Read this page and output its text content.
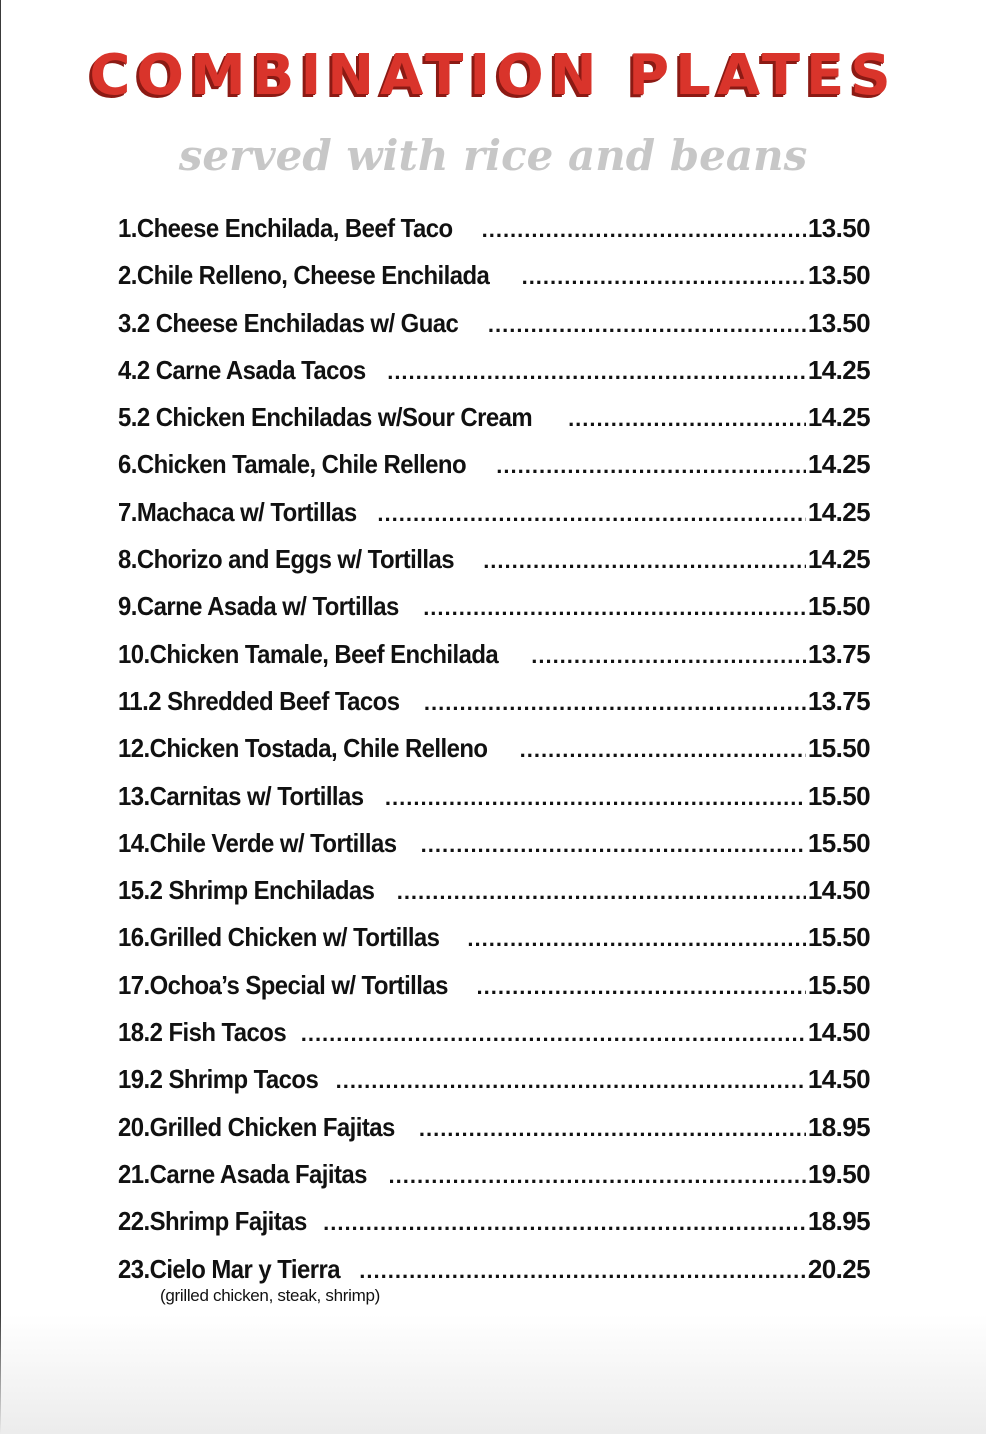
COMBINATION PLATES
served with rice and beans
1.Cheese Enchilada, Beef Taco .....	13.50
2.Chile Relleno, Cheese Enchilada .....	13.50
3.2 Cheese Enchiladas w/ Guac .....	13.50
4.2 Carne Asada Tacos .....	14.25
5.2 Chicken Enchiladas w/Sour Cream .....	14.25
6.Chicken Tamale, Chile Relleno .....	14.25
7.Machaca w/ Tortillas .....	14.25
8.Chorizo and Eggs w/ Tortillas .....	14.25
9.Carne Asada w/ Tortillas .....	15.50
10.Chicken Tamale, Beef Enchilada .....	13.75
11.2 Shredded Beef Tacos .....	13.75
12.Chicken Tostada, Chile Relleno .....	15.50
13.Carnitas w/ Tortillas .....	15.50
14.Chile Verde w/ Tortillas .....	15.50
15.2 Shrimp Enchiladas .....	14.50
16.Grilled Chicken w/ Tortillas .....	15.50
17.Ochoa’s Special w/ Tortillas .....	15.50
18.2 Fish Tacos .....	14.50
19.2 Shrimp Tacos .....	14.50
20.Grilled Chicken Fajitas .....	18.95
21.Carne Asada Fajitas .....	19.50
22.Shrimp Fajitas .....	18.95
23.Cielo Mar y Tierra .....	20.25
(grilled chicken, steak, shrimp)
